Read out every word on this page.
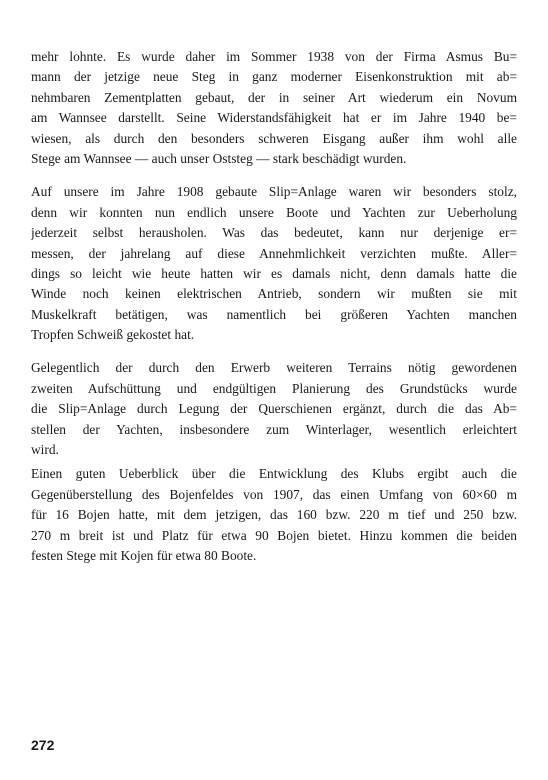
mehr lohnte. Es wurde daher im Sommer 1938 von der Firma Asmus Bu=
mann der jetzige neue Steg in ganz moderner Eisenkonstruktion mit ab=
nehmbaren Zementplatten gebaut, der in seiner Art wiederum ein Novum
am Wannsee darstellt. Seine Widerstandsfähigkeit hat er im Jahre 1940 be=
wiesen, als durch den besonders schweren Eisgang außer ihm wohl alle
Stege am Wannsee — auch unser Oststeg — stark beschädigt wurden.
Auf unsere im Jahre 1908 gebaute Slip=Anlage waren wir besonders stolz,
denn wir konnten nun endlich unsere Boote und Yachten zur Ueberholung
jederzeit selbst herausholen. Was das bedeutet, kann nur derjenige er=
messen, der jahrelang auf diese Annehmlichkeit verzichten mußte. Aller=
dings so leicht wie heute hatten wir es damals nicht, denn damals hatte die
Winde noch keinen elektrischen Antrieb, sondern wir mußten sie mit
Muskelkraft betätigen, was namentlich bei größeren Yachten manchen
Tropfen Schweiß gekostet hat.
Gelegentlich der durch den Erwerb weiteren Terrains nötig gewordenen
zweiten Aufschüttung und endgültigen Planierung des Grundstücks wurde
die Slip=Anlage durch Legung der Querschienen ergänzt, durch die das Ab=
stellen der Yachten, insbesondere zum Winterlager, wesentlich erleichtert
wird.
Einen guten Ueberblick über die Entwicklung des Klubs ergibt auch die
Gegenüberstellung des Bojenfeldes von 1907, das einen Umfang von 60×60 m
für 16 Bojen hatte, mit dem jetzigen, das 160 bzw. 220 m tief und 250 bzw.
270 m breit ist und Platz für etwa 90 Bojen bietet. Hinzu kommen die beiden
festen Stege mit Kojen für etwa 80 Boote.
272
